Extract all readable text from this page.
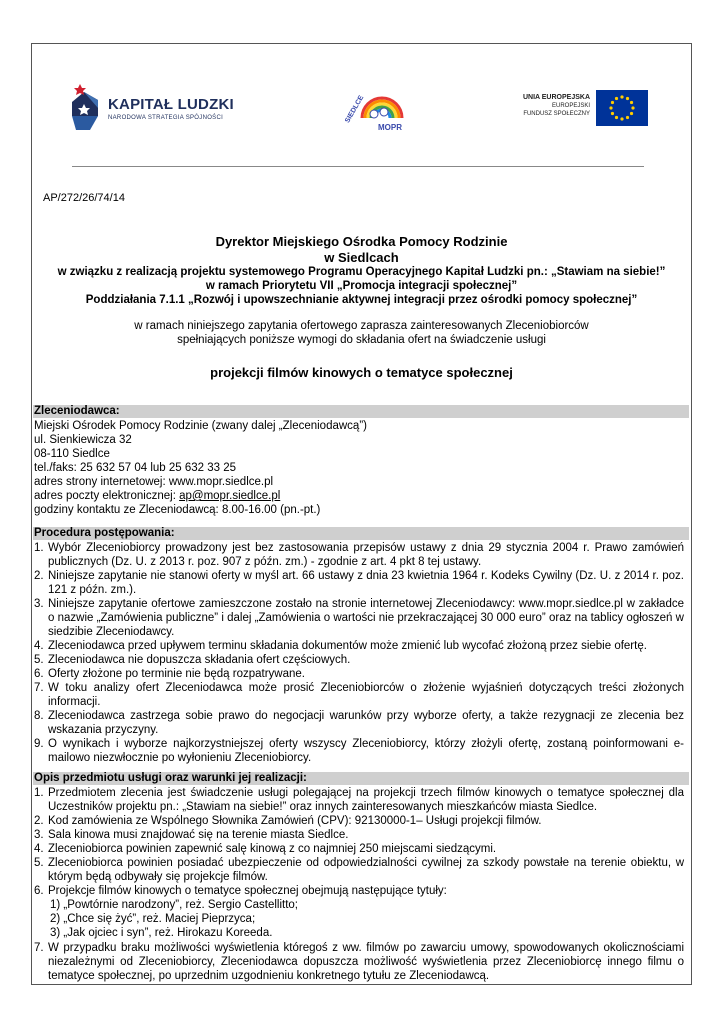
KAPITAŁ LUDZKI
NARODOWA STRATEGIA SPÓJNOŚCI	SIEDLCE
MOPR
UNIA EUROPEJSKA
EUROPEJSKI
FUNDUSZ SPOŁECZNY
AP/272/26/74/14
Dyrektor Miejskiego Ośrodka Pomocy Rodzinie
w Siedlcach
w związku z realizacją projektu systemowego Programu Operacyjnego Kapitał Ludzki pn.: „Stawiam na siebie!”
w ramach Priorytetu VII „Promocja integracji społecznej”
Poddziałania 7.1.1 „Rozwój i upowszechnianie aktywnej integracji przez ośrodki pomocy społecznej”
w ramach niniejszego zapytania ofertowego zaprasza zainteresowanych Zleceniobiorców
spełniających poniższe wymogi do składania ofert na świadczenie usługi
projekcji filmów kinowych o tematyce społecznej
Zleceniodawca:
Miejski Ośrodek Pomocy Rodzinie (zwany dalej „Zleceniodawcą”)
ul. Sienkiewicza 32
08-110 Siedlce
tel./faks: 25 632 57 04 lub 25 632 33 25
adres strony internetowej: www.mopr.siedlce.pl
adres poczty elektronicznej: ap@mopr.siedlce.pl
godziny kontaktu ze Zleceniodawcą: 8.00-16.00 (pn.-pt.)
Procedura postępowania:
1. Wybór Zleceniobiorcy prowadzony jest bez zastosowania przepisów ustawy z dnia 29 stycznia 2004 r. Prawo zamówień publicznych (Dz. U. z 2013 r. poz. 907 z późn. zm.) - zgodnie z art. 4 pkt 8 tej ustawy.
2. Niniejsze zapytanie nie stanowi oferty w myśl art. 66 ustawy z dnia 23 kwietnia 1964 r. Kodeks Cywilny (Dz. U. z 2014 r. poz. 121 z późn. zm.).
3. Niniejsze zapytanie ofertowe zamieszczone zostało na stronie internetowej Zleceniodawcy: www.mopr.siedlce.pl w zakładce o nazwie „Zamówienia publiczne” i dalej „Zamówienia o wartości nie przekraczającej 30 000 euro” oraz na tablicy ogłoszeń w siedzibie Zleceniodawcy.
4. Zleceniodawca przed upływem terminu składania dokumentów może zmienić lub wycofać złożoną przez siebie ofertę.
5. Zleceniodawca nie dopuszcza składania ofert częściowych.
6. Oferty złożone po terminie nie będą rozpatrywane.
7. W toku analizy ofert Zleceniodawca może prosić Zleceniobiorców o złożenie wyjaśnień dotyczących treści złożonych informacji.
8. Zleceniodawca zastrzega sobie prawo do negocjacji warunków przy wyborze oferty, a także rezygnacji ze zlecenia bez wskazania przyczyny.
9. O wynikach i wyborze najkorzystniejszej oferty wszyscy Zleceniobiorcy, którzy złożyli ofertę, zostaną poinformowani e-mailowo niezwłocznie po wyłonieniu Zleceniobiorcy.
Opis przedmiotu usługi oraz warunki jej realizacji:
1. Przedmiotem zlecenia jest świadczenie usługi polegającej na projekcji trzech filmów kinowych o tematyce społecznej dla Uczestników projektu pn.: „Stawiam na siebie!” oraz innych zainteresowanych mieszkańców miasta Siedlce.
2. Kod zamówienia ze Wspólnego Słownika Zamówień (CPV): 92130000-1– Usługi projekcji filmów.
3. Sala kinowa musi znajdować się na terenie miasta Siedlce.
4. Zleceniobiorca powinien zapewnić salę kinową z co najmniej 250 miejscami siedzącymi.
5. Zleceniobiorca powinien posiadać ubezpieczenie od odpowiedzialności cywilnej za szkody powstałe na terenie obiektu, w którym będą odbywały się projekcje filmów.
6. Projekcje filmów kinowych o tematyce społecznej obejmują następujące tytuły:
1) „Powtórnie narodzony”, reż. Sergio Castellitto;
2) „Chce się żyć”, reż. Maciej Pieprzyca;
3) „Jak ojciec i syn”, reż. Hirokazu Koreeda.
7. W przypadku braku możliwości wyświetlenia któregoś z ww. filmów po zawarciu umowy, spowodowanych okolicznościami niezależnymi od Zleceniobiorcy, Zleceniodawca dopuszcza możliwość wyświetlenia przez Zleceniobiorcę innego filmu o tematyce społecznej, po uprzednim uzgodnieniu konkretnego tytułu ze Zleceniodawcą.
